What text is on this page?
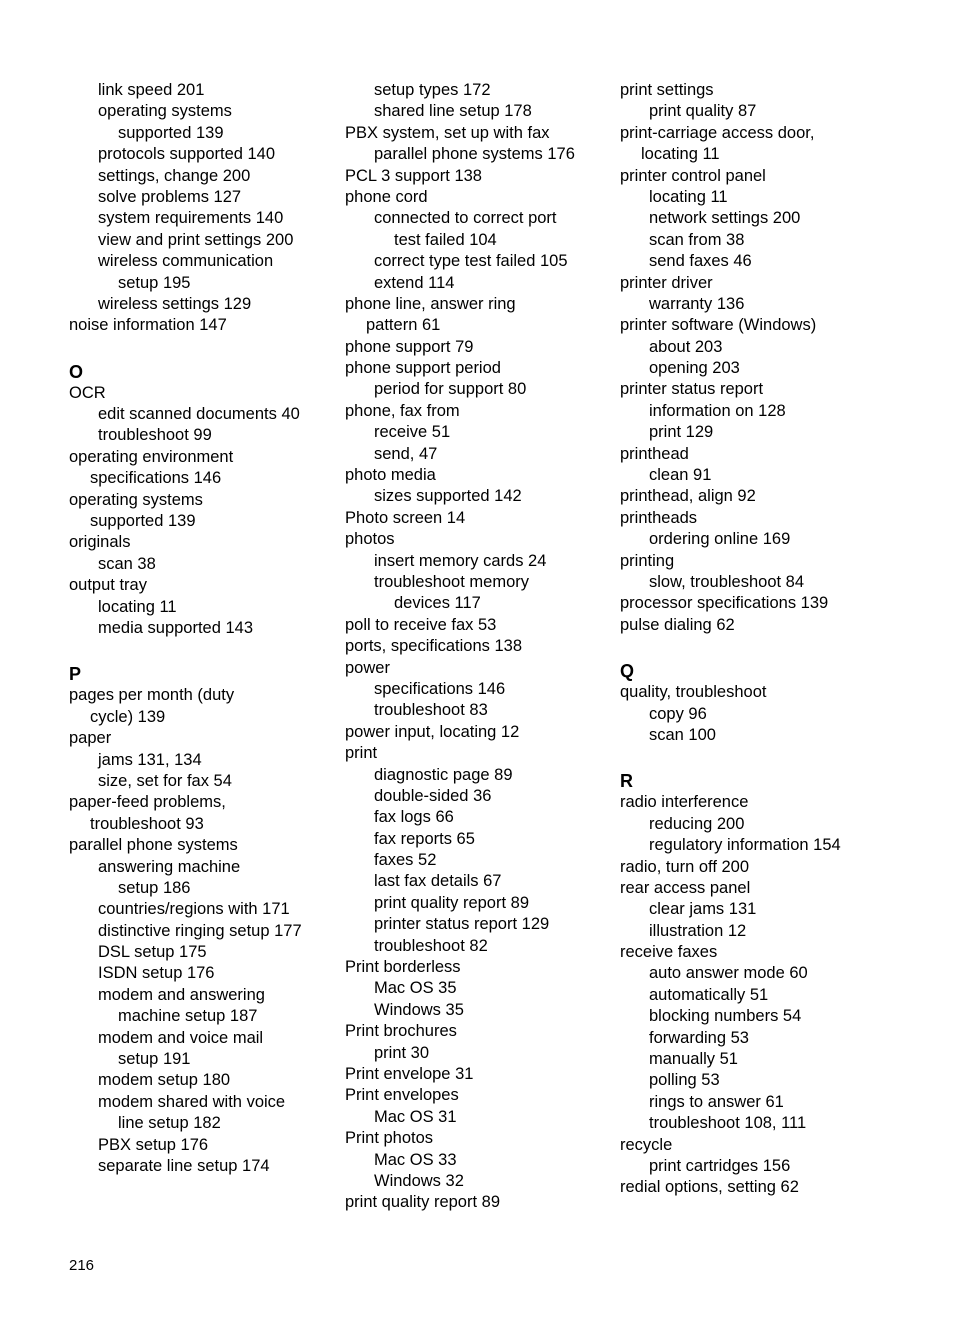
link speed 201
operating systems
supported 139
protocols supported 140
settings, change 200
solve problems 127
system requirements 140
view and print settings 200
wireless communication
setup 195
wireless settings 129
noise information 147
O
OCR
edit scanned documents 40
troubleshoot 99
operating environment
specifications 146
operating systems
supported 139
originals
scan 38
output tray
locating 11
media supported 143
P
pages per month (duty
cycle) 139
paper
jams 131, 134
size, set for fax 54
paper-feed problems,
troubleshoot 93
parallel phone systems
answering machine
setup 186
countries/regions with 171
distinctive ringing setup 177
DSL setup 175
ISDN setup 176
modem and answering
machine setup 187
modem and voice mail
setup 191
modem setup 180
modem shared with voice
line setup 182
PBX setup 176
separate line setup 174
setup types 172
shared line setup 178
PBX system, set up with fax
parallel phone systems 176
PCL 3 support 138
phone cord
connected to correct port
test failed 104
correct type test failed 105
extend 114
phone line, answer ring
pattern 61
phone support 79
phone support period
period for support 80
phone, fax from
receive 51
send, 47
photo media
sizes supported 142
Photo screen 14
photos
insert memory cards 24
troubleshoot memory
devices 117
poll to receive fax 53
ports, specifications 138
power
specifications 146
troubleshoot 83
power input, locating 12
print
diagnostic page 89
double-sided 36
fax logs 66
fax reports 65
faxes 52
last fax details 67
print quality report 89
printer status report 129
troubleshoot 82
Print borderless
Mac OS 35
Windows 35
Print brochures
print 30
Print envelope 31
Print envelopes
Mac OS 31
Print photos
Mac OS 33
Windows 32
print quality report 89
print settings
print quality 87
print-carriage access door,
locating 11
printer control panel
locating 11
network settings 200
scan from 38
send faxes 46
printer driver
warranty 136
printer software (Windows)
about 203
opening 203
printer status report
information on 128
print 129
printhead
clean 91
printhead, align 92
printheads
ordering online 169
printing
slow, troubleshoot 84
processor specifications 139
pulse dialing 62
Q
quality, troubleshoot
copy 96
scan 100
R
radio interference
reducing 200
regulatory information 154
radio, turn off 200
rear access panel
clear jams 131
illustration 12
receive faxes
auto answer mode 60
automatically 51
blocking numbers 54
forwarding 53
manually 51
polling 53
rings to answer 61
troubleshoot 108, 111
recycle
print cartridges 156
redial options, setting 62
216
